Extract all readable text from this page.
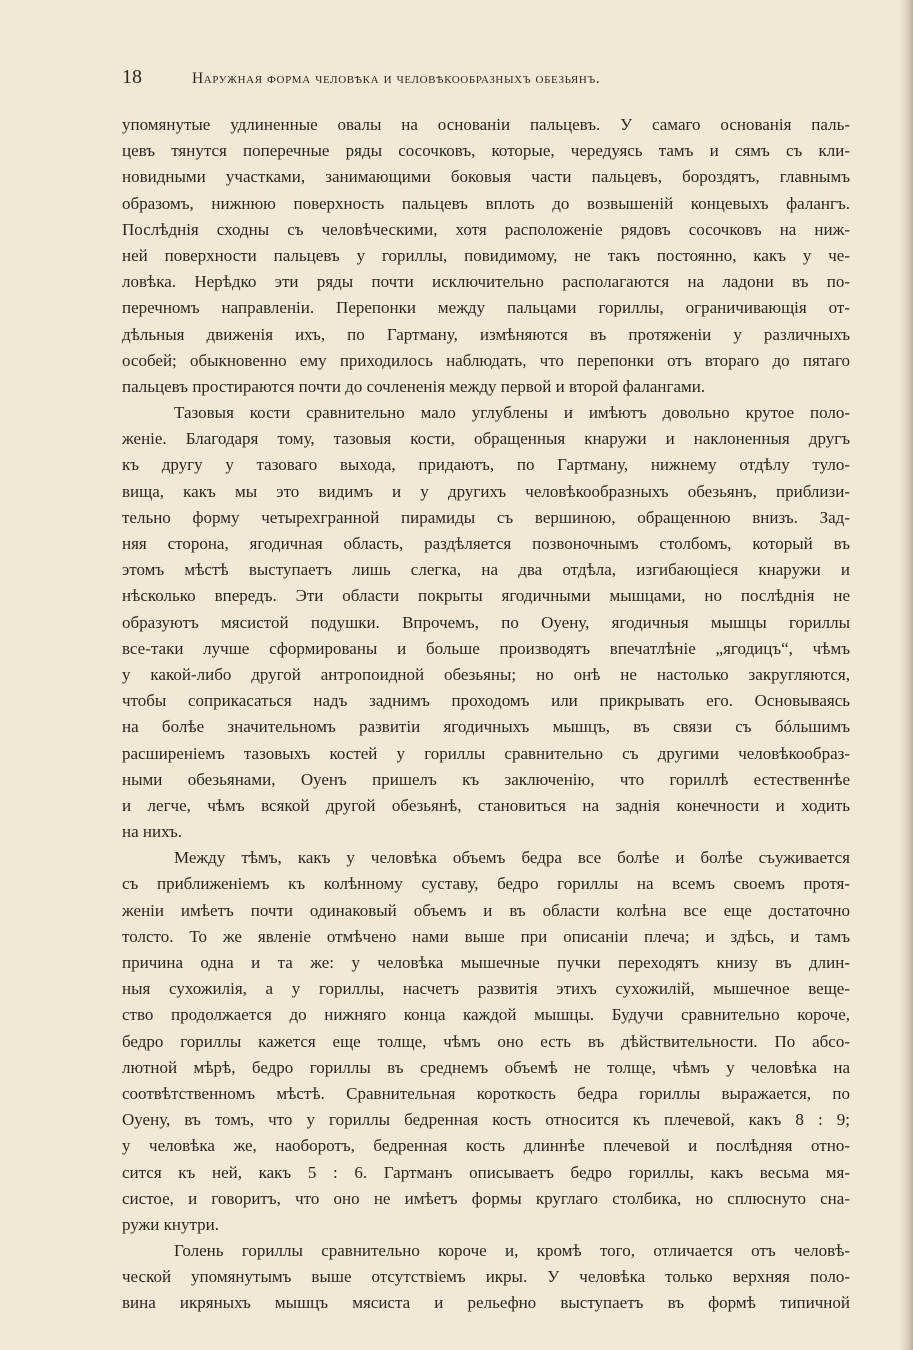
18	Наружная форма человѣка и человѣкообразныхъ обезьянъ.
упомянутые удлиненные овалы на основанiи пальцевъ. У самаго основанiя паль-
цевъ тянутся поперечные ряды сосочковъ, которые, чередуясь тамъ и сямъ съ кли-
новидными участками, занимающими боковыя части пальцевъ, бороздятъ, главнымъ
образомъ, нижнюю поверхность пальцевъ вплоть до возвышенiй концевыхъ фалангъ.
Послѣднiя сходны съ человѣческими, хотя расположенiе рядовъ сосочковъ на ниж-
ней поверхности пальцевъ у гориллы, повидимому, не такъ постоянно, какъ у че-
ловѣка. Нерѣдко эти ряды почти исключительно располагаются на ладони въ по-
перечномъ направленiи. Перепонки между пальцами гориллы, ограничивающiя от-
дѣльныя движенiя ихъ, по Гартману, измѣняются въ протяженiи у различныхъ
особей; обыкновенно ему приходилось наблюдать, что перепонки отъ втораго до пятаго
пальцевъ простираются почти до сочлененiя между первой и второй фалангами.
Тазовыя кости сравнительно мало углублены и имѣютъ довольно крутое поло-
женiе. Благодаря тому, тазовыя кости, обращенныя кнаружи и наклоненныя другъ
къ другу у тазоваго выхода, придаютъ, по Гартману, нижнему отдѣлу туло-
вища, какъ мы это видимъ и у другихъ человѣкообразныхъ обезьянъ, приблизи-
тельно форму четырехгранной пирамиды съ вершиною, обращенною внизъ. Зад-
няя сторона, ягодичная область, раздѣляется позвоночнымъ столбомъ, который въ
этомъ мѣстѣ выступаетъ лишь слегка, на два отдѣла, изгибающiеся кнаружи и
нѣсколько впередъ. Эти области покрыты ягодичными мышцами, но послѣднiя не
образуютъ мясистой подушки. Впрочемъ, по Оуену, ягодичныя мышцы гориллы
все-таки лучше сформированы и больше производятъ впечатлѣнiе „ягодицъ“, чѣмъ
у какой-либо другой антропоидной обезьяны; но онѣ не настолько закругляются,
чтобы соприкасаться надъ заднимъ проходомъ или прикрывать его. Основываясь
на болѣе значительномъ развитiи ягодичныхъ мышцъ, въ связи съ бóльшимъ
расширенiемъ тазовыхъ костей у гориллы сравнительно съ другими человѣкообраз-
ными обезьянами, Оуенъ пришелъ къ заключенiю, что гориллѣ естественнѣе
и легче, чѣмъ всякой другой обезьянѣ, становиться на заднiя конечности и ходить
на нихъ.
Между тѣмъ, какъ у человѣка объемъ бедра все болѣе и болѣе съуживается
съ приближенiемъ къ колѣнному суставу, бедро гориллы на всемъ своемъ протя-
женiи имѣетъ почти одинаковый объемъ и въ области колѣна все еще достаточно
толсто. То же явленiе отмѣчено нами выше при описанiи плеча; и здѣсь, и тамъ
причина одна и та же: у человѣка мышечные пучки переходятъ книзу въ длин-
ныя сухожилiя, а у гориллы, насчетъ развитiя этихъ сухожилiй, мышечное веще-
ство продолжается до нижняго конца каждой мышцы. Будучи сравнительно короче,
бедро гориллы кажется еще толще, чѣмъ оно есть въ дѣйствительности. По абсо-
лютной мѣрѣ, бедро гориллы въ среднемъ объемѣ не толще, чѣмъ у человѣка на
соотвѣтственномъ мѣстѣ. Сравнительная короткость бедра гориллы выражается, по
Оуену, въ томъ, что у гориллы бедренная кость относится къ плечевой, какъ 8 : 9;
у человѣка же, наоборотъ, бедренная кость длиннѣе плечевой и послѣдняя отно-
сится къ ней, какъ 5 : 6. Гартманъ описываетъ бедро гориллы, какъ весьма мя-
систое, и говоритъ, что оно не имѣетъ формы круглаго столбика, но сплюснуто сна-
ружи кнутри.
Голень гориллы сравнительно короче и, кромѣ того, отличается отъ человѣ-
ческой упомянутымъ выше отсутствiемъ икры. У человѣка только верхняя поло-
вина икряныхъ мышцъ мясиста и рельефно выступаетъ въ формѣ типичной
